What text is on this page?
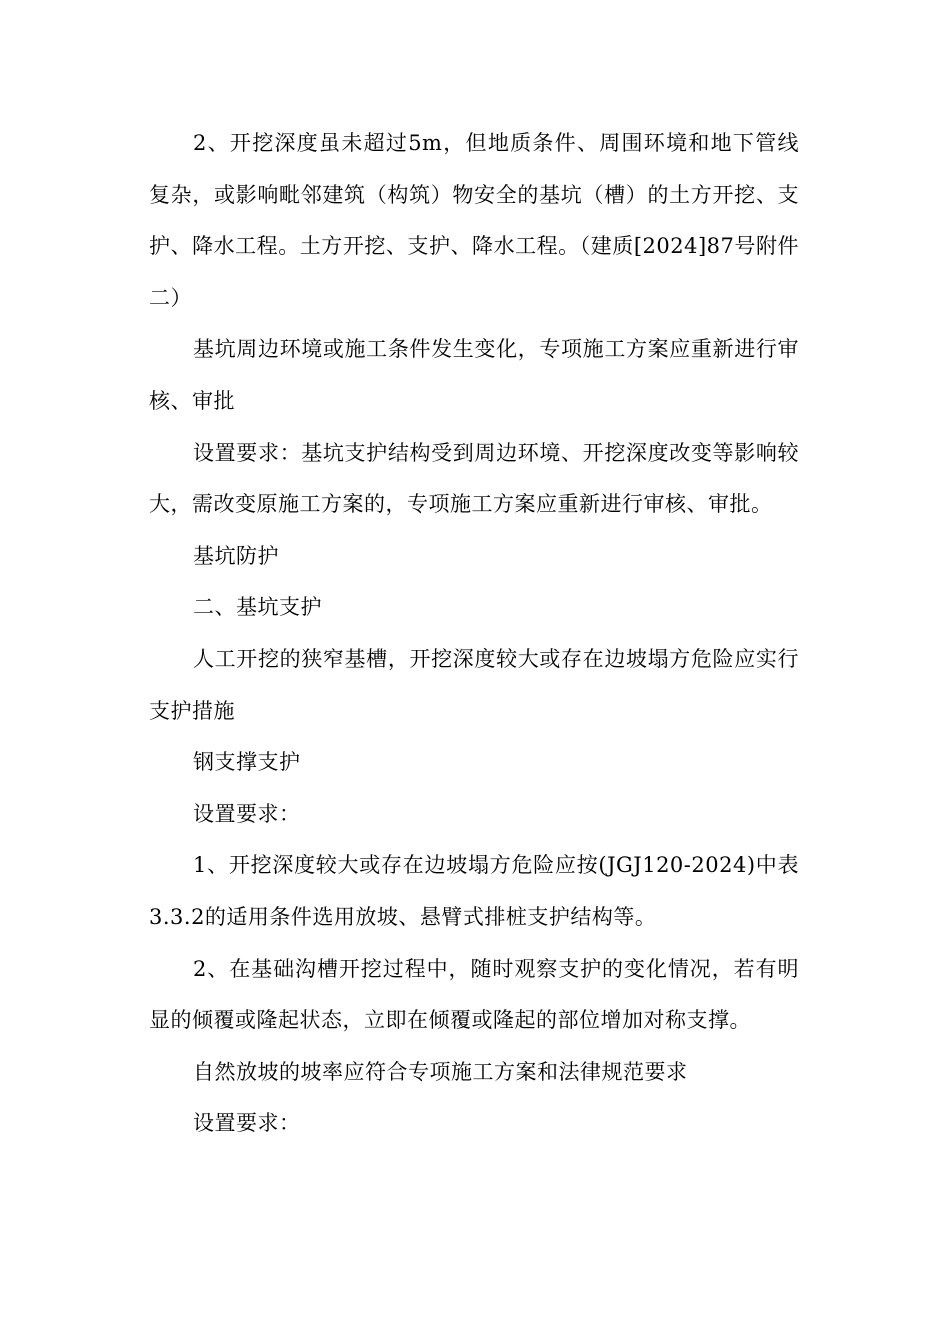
2、开挖深度虽未超过5m，但地质条件、周围环境和地下管线复杂，或影响毗邻建筑（构筑）物安全的基坑（槽）的土方开挖、支护、降水工程。土方开挖、支护、降水工程。（建质[2024]87号附件二）

基坑周边环境或施工条件发生变化，专项施工方案应重新进行审核、审批

设置要求：基坑支护结构受到周边环境、开挖深度改变等影响较大，需改变原施工方案的，专项施工方案应重新进行审核、审批。

基坑防护

二、基坑支护

人工开挖的狭窄基槽，开挖深度较大或存在边坡塌方危险应实行支护措施

钢支撑支护

设置要求：

1、开挖深度较大或存在边坡塌方危险应按(JGJ120-2024)中表3.3.2的适用条件选用放坡、悬臂式排桩支护结构等。

2、在基础沟槽开挖过程中，随时观察支护的变化情况，若有明显的倾覆或隆起状态，立即在倾覆或隆起的部位增加对称支撑。

自然放坡的坡率应符合专项施工方案和法律规范要求

设置要求：
